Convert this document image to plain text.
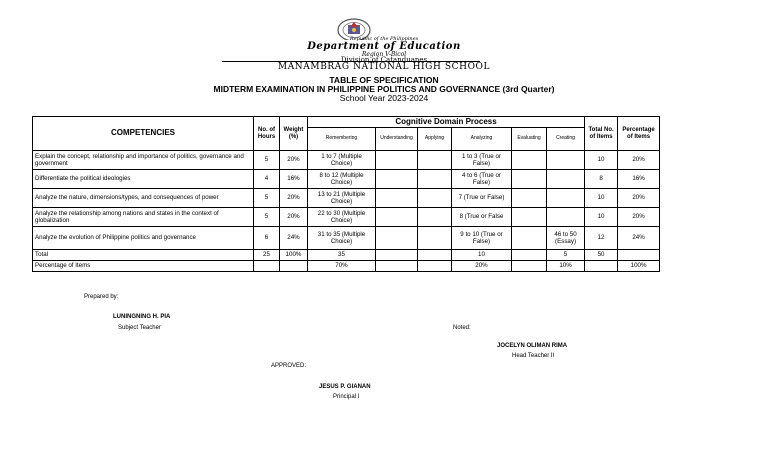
Republic of the Philippines
Department of Education
Region V-Bicol
Division of Catanduanes
MANAMBRAG NATIONAL HIGH SCHOOL
TABLE OF SPECIFICATION
MIDTERM EXAMINATION IN PHILIPPINE POLITICS AND GOVERNANCE (3rd Quarter)
School Year 2023-2024
COMPETENCIES	No. of Hours	Weight (%)	Cognitive Domain Process						Total No. of Items	Percentage of Items
			Remembering	Understanding	Applying	Analyzing	Evaluating	Creating		
Explain the concept, relationship and importance of politics, governance and government	5	20%	1 to 7 (Multiple Choice)			1 to 3 (True or False)			10	20%
Differentiate the political ideologies	4	16%	8 to 12 (Multiple Choice)			4 to 6 (True or False)			8	16%
Analyze the nature, dimensions/types, and consequences of power	5	20%	13 to 21 (Multiple Choice)			7 (True or False)			10	20%
Analyze the relationship among nations and states in the context of globalization	5	20%	22 to 30 (Multiple Choice)			8 (True or False			10	20%
Analyze the evolution of Philippine politics and governance	6	24%	31 to 35 (Multiple Choice)			9 to 10 (True or False)		46 to 50 (Essay)	12	24%
Total	25	100%	35			10		5	50	
Percentage of Items			70%			20%		10%		100%
Prepared by:
LUNINGNING H. PIA
Subject Teacher	Noted:
JOCELYN OLIMAN RIMA
Head Teacher II
APPROVED:
JESUS P. GIANAN
Principal I
